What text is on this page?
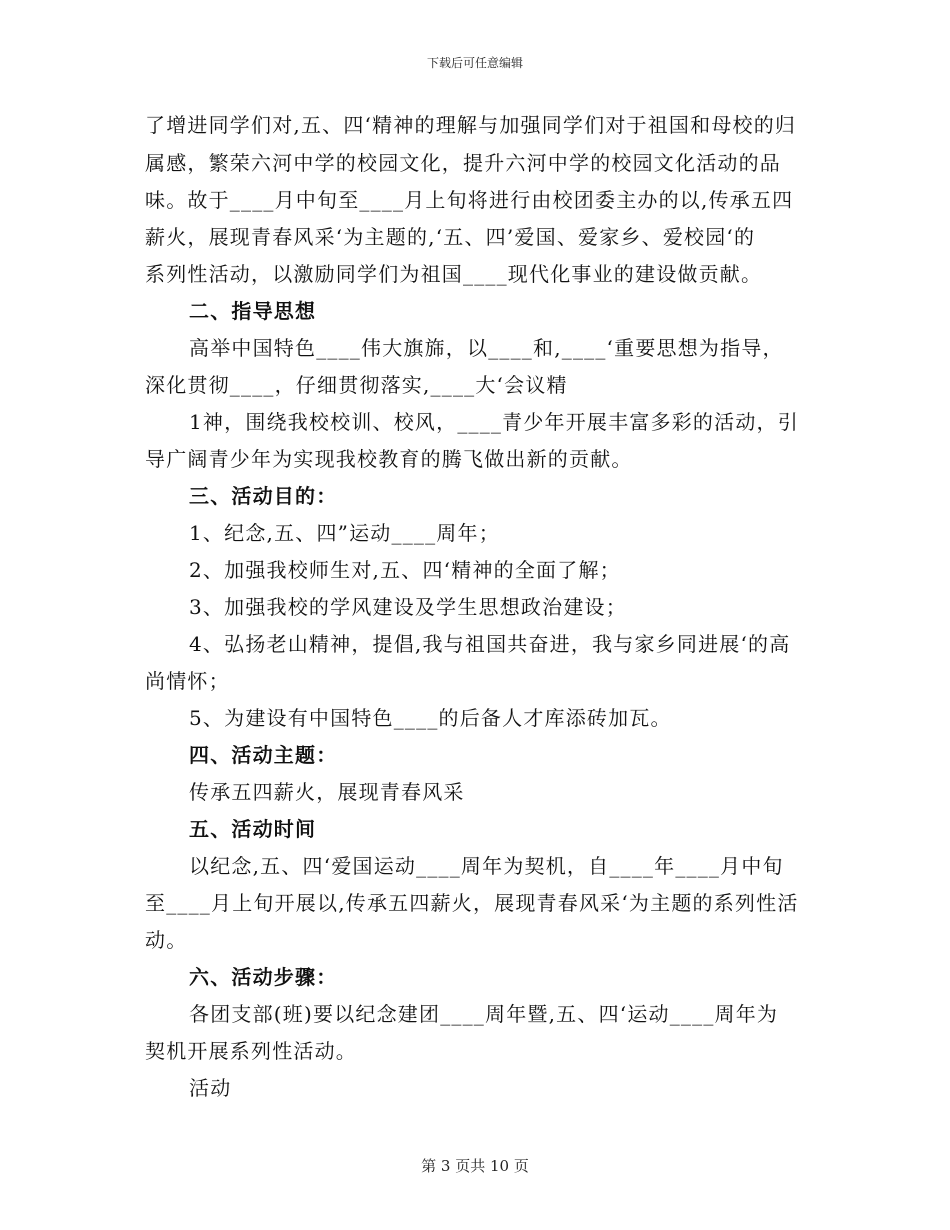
下载后可任意编辑
了增进同学们对,五、四‘精神的理解与加强同学们对于祖国和母校的归
属感，繁荣六河中学的校园文化，提升六河中学的校园文化活动的品
味。故于____月中旬至____月上旬将进行由校团委主办的以,传承五四
薪火，展现青春风采‘为主题的,‘五、四’爱国、爱家乡、爱校园‘的
系列性活动，以激励同学们为祖国____现代化事业的建设做贡献。
二、指导思想
高举中国特色____伟大旗旆，以____和,____‘重要思想为指导，
深化贯彻____，仔细贯彻落实,____大‘会议精
1神，围绕我校校训、校风，____青少年开展丰富多彩的活动，引
导广阔青少年为实现我校教育的腾飞做出新的贡献。
三、活动目的：
1、纪念,五、四”运动____周年；
2、加强我校师生对,五、四‘精神的全面了解；
3、加强我校的学风建设及学生思想政治建设；
4、弘扬老山精神，提倡,我与祖国共奋进，我与家乡同进展‘的高
尚情怀；
5、为建设有中国特色____的后备人才库添砖加瓦。
四、活动主题：
传承五四薪火，展现青春风采
五、活动时间
以纪念,五、四‘爱国运动____周年为契机，自____年____月中旬
至____月上旬开展以,传承五四薪火，展现青春风采‘为主题的系列性活
动。
六、活动步骤：
各团支部(班)要以纪念建团____周年暨,五、四‘运动____周年为
契机开展系列性活动。
活动
第 3 页共 10 页
